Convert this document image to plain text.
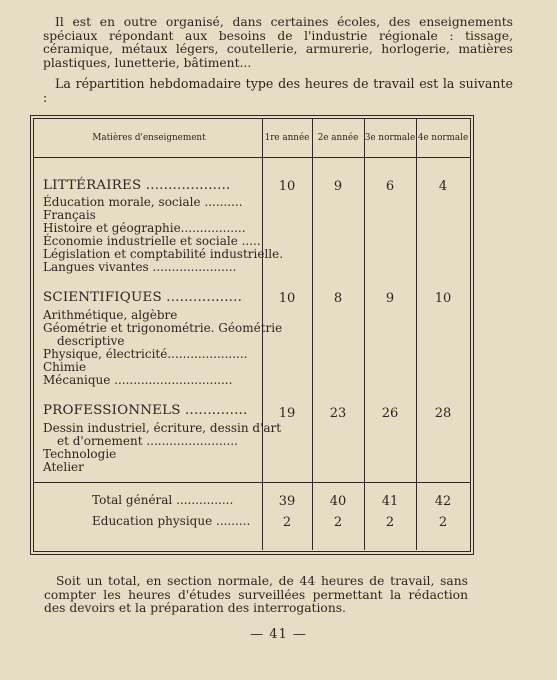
Il est en outre organisé, dans certaines écoles, des enseignements spéciaux répondant aux besoins de l'industrie régionale : tissage, céramique, métaux légers, coutellerie, armurerie, horlogerie, matières plastiques, lunetterie, bâtiment...
La répartition hebdomadaire type des heures de travail est la suivante :
Matières d'enseignement	1re année 2e année 3e normale 4e normale
LITTÉRAIRES ...................	10	9	6	4
Éducation morale, sociale ..........
Français
Histoire et géographie.................
Économie industrielle et sociale .....
Législation et comptabilité industrielle.
Langues vivantes ......................
SCIENTIFIQUES .................	10	8	9	10
Arithmétique, algèbre
Géométrie et trigonométrie. Géométrie
descriptive
Physique, électricité.....................
Chimie
Mécanique ...............................
PROFESSIONNELS ..............	19	23	26	28
Dessin industriel, écriture, dessin d'art
et d'ornement ........................
Technologie
Atelier
Total général ...............	39	40	41	42
Education physique .........	2	2	2	2
Soit un total, en section normale, de 44 heures de travail, sans compter les heures d'études surveillées permettant la rédaction des devoirs et la préparation des interrogations.
— 41 —
